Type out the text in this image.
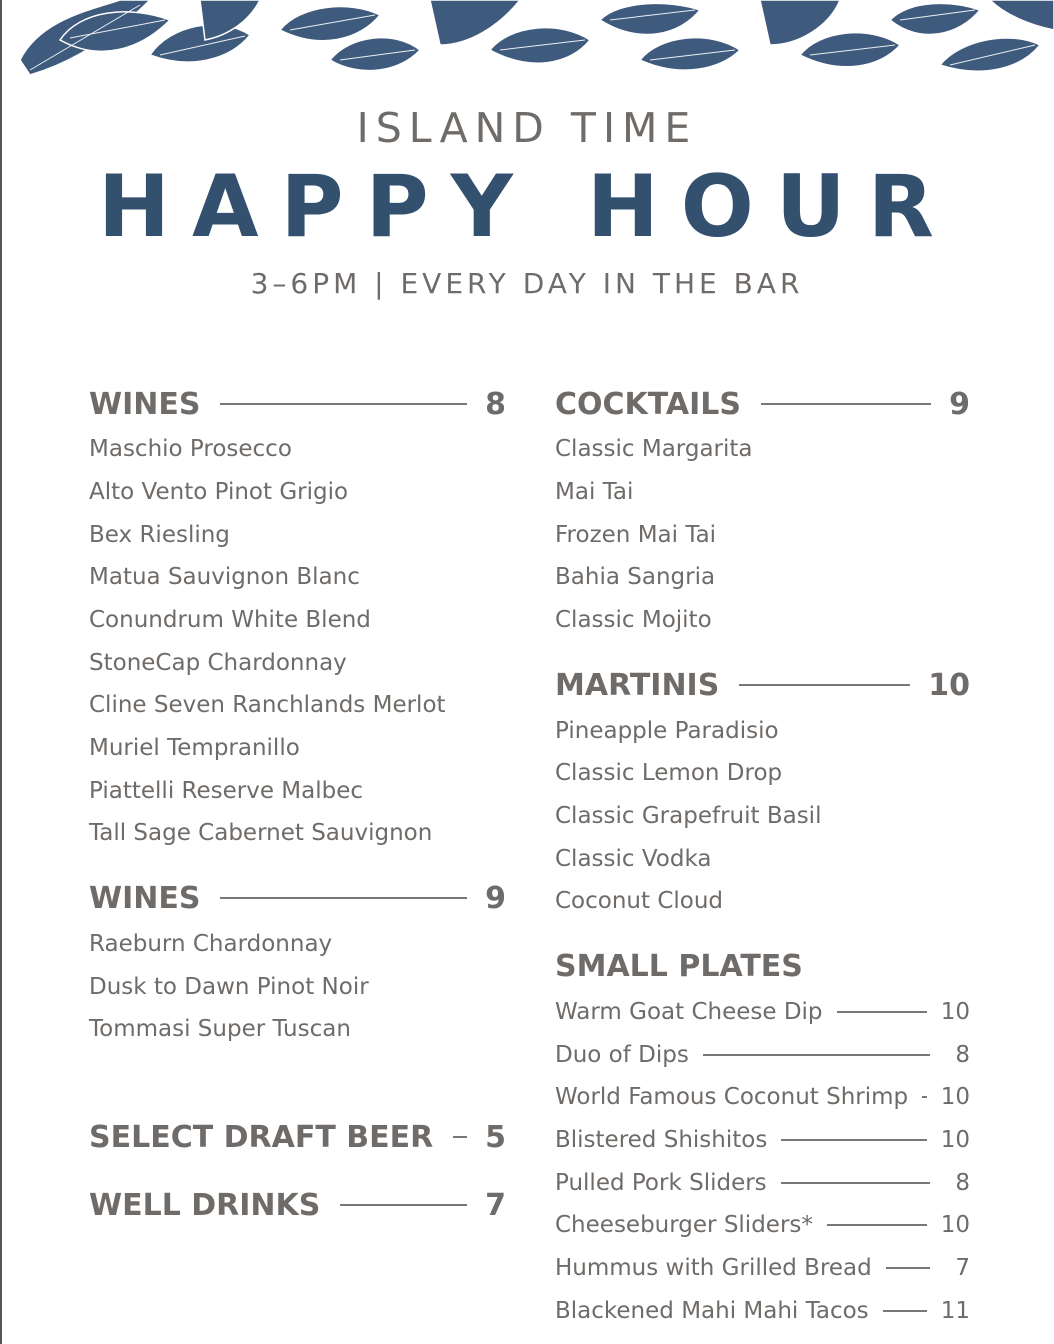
ISLAND TIME
HAPPY HOUR
3–6PM | EVERY DAY IN THE BAR
WINES	8
Maschio Prosecco
Alto Vento Pinot Grigio
Bex Riesling
Matua Sauvignon Blanc
Conundrum White Blend
StoneCap Chardonnay
Cline Seven Ranchlands Merlot
Muriel Tempranillo
Piattelli Reserve Malbec
Tall Sage Cabernet Sauvignon
WINES	9
Raeburn Chardonnay
Dusk to Dawn Pinot Noir
Tommasi Super Tuscan
SELECT DRAFT BEER 5
WELL DRINKS	7
COCKTAILS	9
Classic Margarita
Mai Tai
Frozen Mai Tai
Bahia Sangria
Classic Mojito
MARTINIS	10
Pineapple Paradisio
Classic Lemon Drop
Classic Grapefruit Basil
Classic Vodka
Coconut Cloud
SMALL PLATES
Warm Goat Cheese Dip	10
Duo of Dips	8
World Famous Coconut Shrimp 10
Blistered Shishitos	10
Pulled Pork Sliders	8
Cheeseburger Sliders*	10
Hummus with Grilled Bread	7
Blackened Mahi Mahi Tacos	11
